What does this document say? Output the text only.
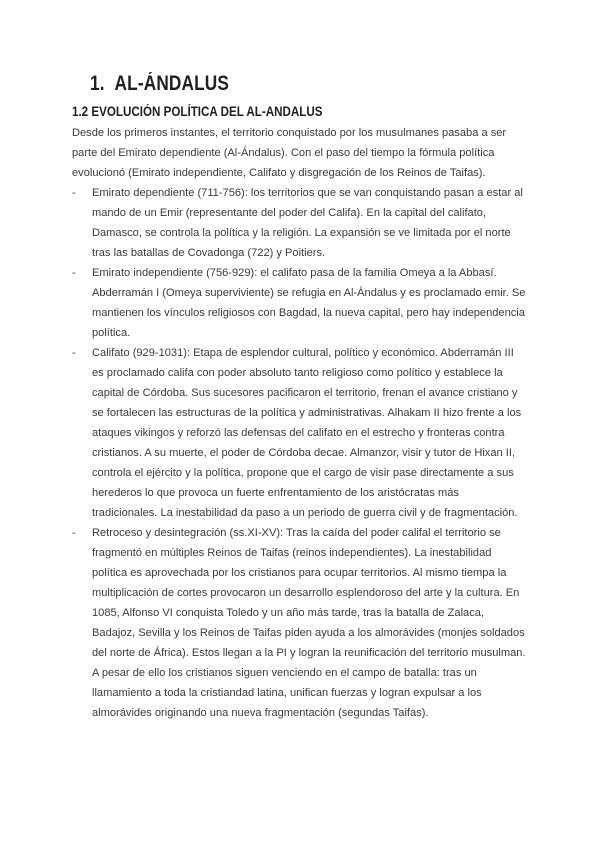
1. AL-ÁNDALUS
1.2 EVOLUCIÓN POLÍTICA DEL AL-ANDALUS

Desde los primeros instantes, el territorio conquistado por los musulmanes pasaba a ser parte del Emirato dependiente (Al-Ándalus). Con el paso del tiempo la fórmula política evolucionó (Emirato independiente, Califato y disgregación de los Reinos de Taifas).

-	Emirato dependiente (711-756): los territorios que se van conquistando pasan a estar al mando de un Emir (representante del poder del Califa). En la capital del califato, Damasco, se controla la política y la religión. La expansión se ve limitada por el norte tras las batallas de Covadonga (722) y Poitiers.
-	Emirato independiente (756-929): el califato pasa de la familia Omeya a la Abbasí. Abderramán I (Omeya superviviente) se refugia en Al-Ándalus y es proclamado emir. Se mantienen los vínculos religiosos con Bagdad, la nueva capital, pero hay independencia política.
-	Califato (929-1031): Etapa de esplendor cultural, político y económico. Abderramán III es proclamado califa con poder absoluto tanto religioso como político y establece la capital de Córdoba. Sus sucesores pacificaron el territorio, frenan el avance cristiano y se fortalecen las estructuras de la política y administrativas. Alhakam II hizo frente a los ataques vikingos y reforzó las defensas del califato en el estrecho y fronteras contra cristianos. A su muerte, el poder de Córdoba decae. Almanzor, visir y tutor de Hixan II, controla el ejército y la política, propone que el cargo de visir pase directamente a sus herederos lo que provoca un fuerte enfrentamiento de los aristócratas más tradicionales. La inestabilidad da paso a un periodo de guerra civil y de fragmentación.
-	Retroceso y desintegración (ss.XI-XV): Tras la caída del poder califal el territorio se fragmentó en múltiples Reinos de Taifas (reinos independientes). La inestabilidad política es aprovechada por los cristianos para ocupar territorios. Al mismo tiempa la multiplicación de cortes provocaron un desarrollo esplendoroso del arte y la cultura. En 1085, Alfonso VI conquista Toledo y un año más tarde, tras la batalla de Zalaca, Badajoz, Sevilla y los Reinos de Taifas piden ayuda a los almorávides (monjes soldados del norte de África). Estos llegan a la PI y logran la reunificación del territorio musulman. A pesar de ello los cristianos siguen venciendo en el campo de batalla: tras un llamamiento a toda la cristiandad latina, unifican fuerzas y logran expulsar a los almorávides originando una nueva fragmentación (segundas Taifas).
